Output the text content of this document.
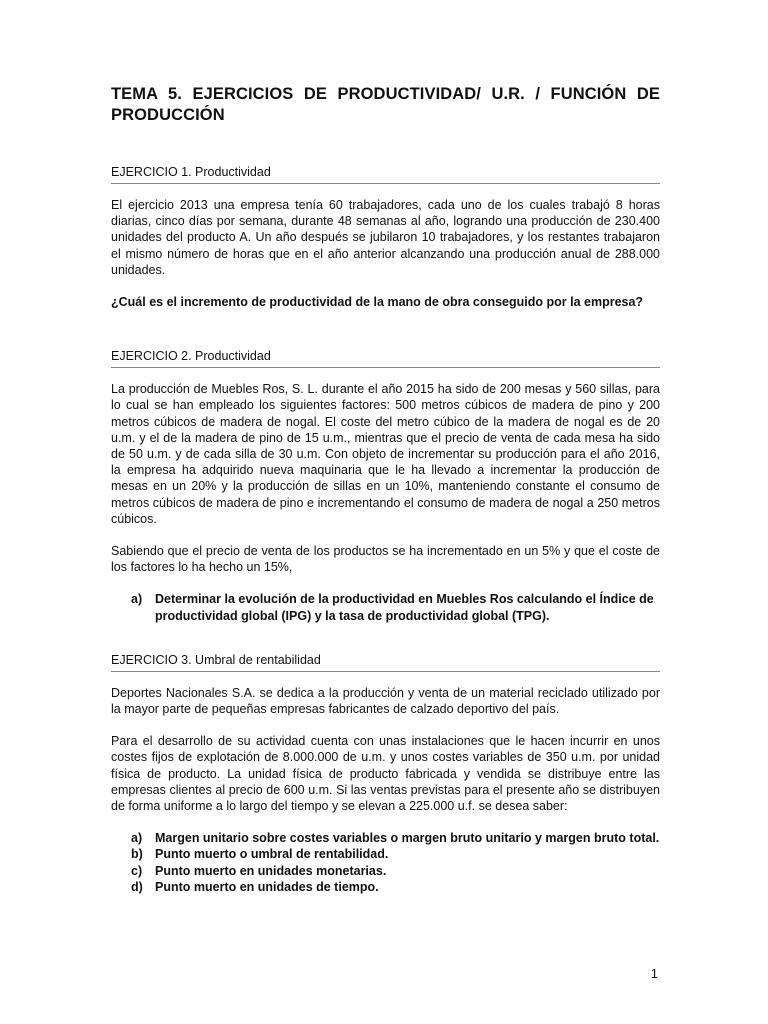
TEMA 5. EJERCICIOS DE PRODUCTIVIDAD/ U.R. / FUNCIÓN DE PRODUCCIÓN
EJERCICIO 1. Productividad

El ejercicio 2013 una empresa tenía 60 trabajadores, cada uno de los cuales trabajó 8 horas diarias, cinco días por semana, durante 48 semanas al año, logrando una producción de 230.400 unidades del producto A. Un año después se jubilaron 10 trabajadores, y los restantes trabajaron el mismo número de horas que en el año anterior alcanzando una producción anual de 288.000 unidades.

¿Cuál es el incremento de productividad de la mano de obra conseguido por la empresa?

EJERCICIO 2. Productividad

La producción de Muebles Ros, S. L. durante el año 2015 ha sido de 200 mesas y 560 sillas, para lo cual se han empleado los siguientes factores: 500 metros cúbicos de madera de pino y 200 metros cúbicos de madera de nogal. El coste del metro cúbico de la madera de nogal es de 20 u.m. y el de la madera de pino de 15 u.m., mientras que el precio de venta de cada mesa ha sido de 50 u.m. y de cada silla de 30 u.m. Con objeto de incrementar su producción para el año 2016, la empresa ha adquirido nueva maquinaria que le ha llevado a incrementar la producción de mesas en un 20% y la producción de sillas en un 10%, manteniendo constante el consumo de metros cúbicos de madera de pino e incrementando el consumo de madera de nogal a 250 metros cúbicos.

Sabiendo que el precio de venta de los productos se ha incrementado en un 5% y que el coste de los factores lo ha hecho un 15%,

a)	Determinar la evolución de la productividad en Muebles Ros calculando el Índice de productividad global (IPG) y la tasa de productividad global (TPG).
EJERCICIO 3. Umbral de rentabilidad

Deportes Nacionales S.A. se dedica a la producción y venta de un material reciclado utilizado por la mayor parte de pequeñas empresas fabricantes de calzado deportivo del país.

Para el desarrollo de su actividad cuenta con unas instalaciones que le hacen incurrir en unos costes fijos de explotación de 8.000.000 de u.m. y unos costes variables de 350 u.m. por unidad física de producto. La unidad física de producto fabricada y vendida se distribuye entre las empresas clientes al precio de 600 u.m. Si las ventas previstas para el presente año se distribuyen de forma uniforme a lo largo del tiempo y se elevan a 225.000 u.f. se desea saber:

a)	Margen unitario sobre costes variables o margen bruto unitario y margen bruto total.
b) Punto muerto o umbral de rentabilidad.
c)	Punto muerto en unidades monetarias.
d) Punto muerto en unidades de tiempo.
1
